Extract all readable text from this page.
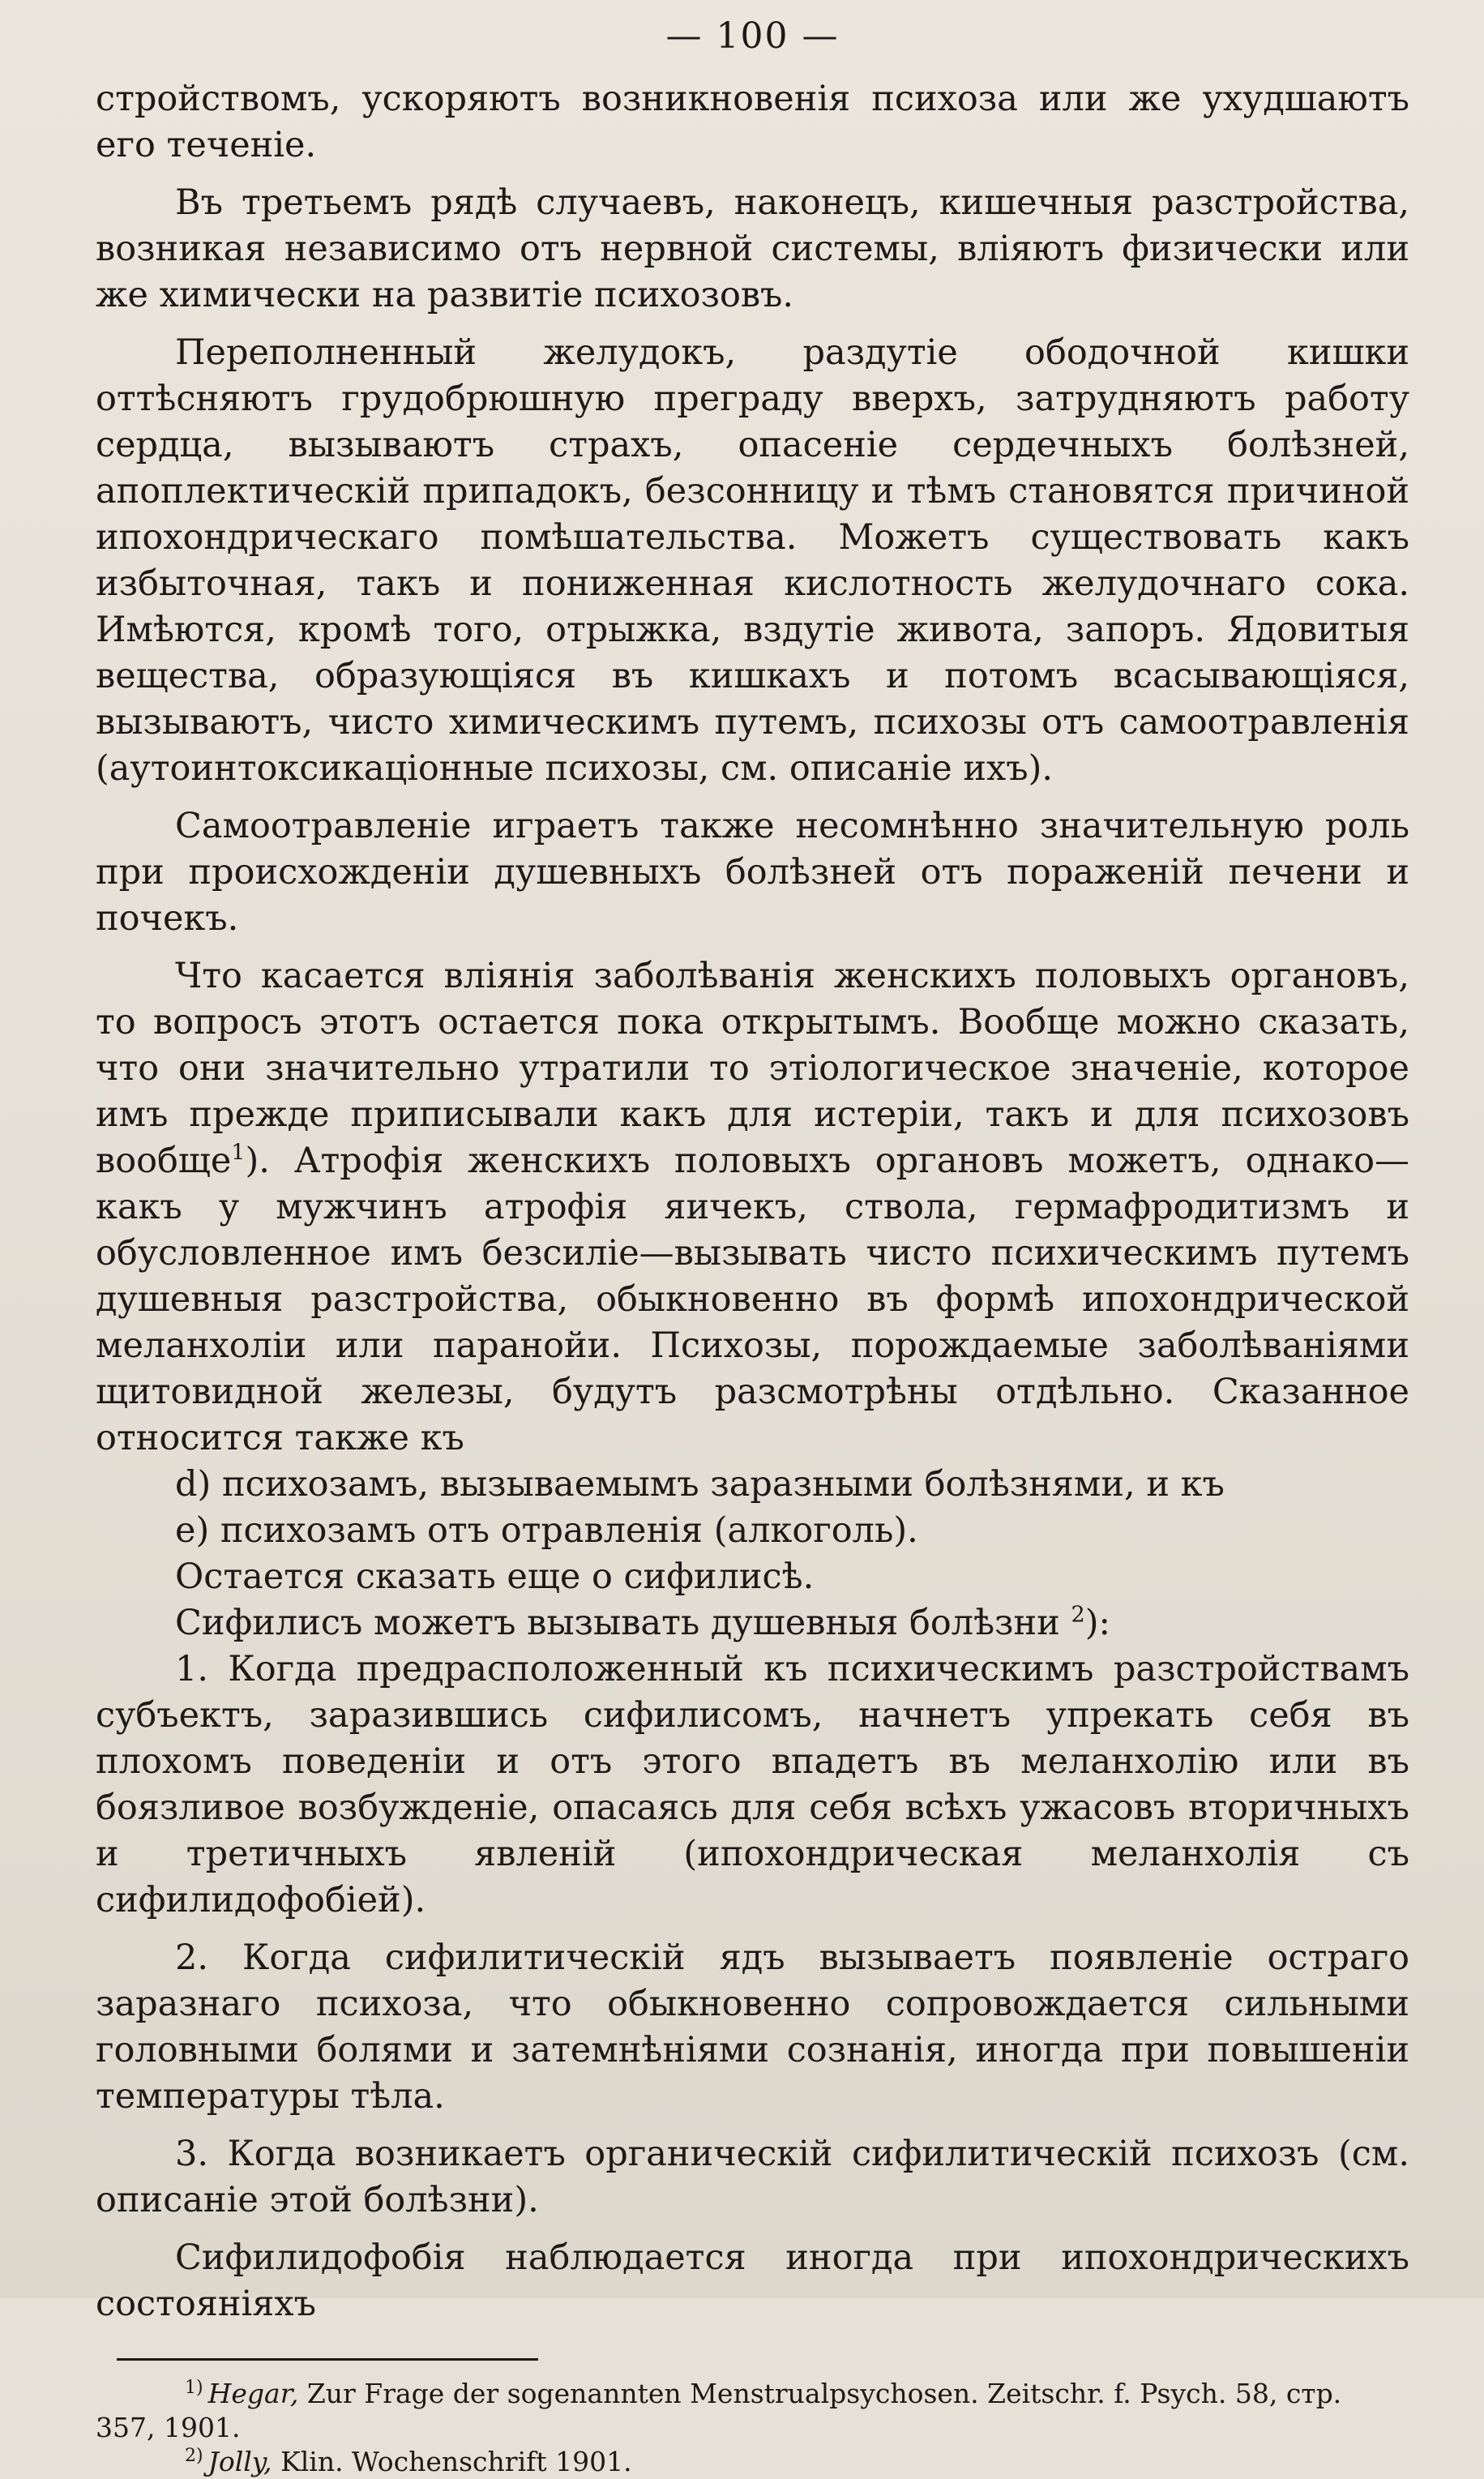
— 100 —

стройствомъ, ускоряютъ возникновенія психоза или же ухудшаютъ его теченіе.

Въ третьемъ рядѣ случаевъ, наконецъ, кишечныя разстройства, возникая независимо отъ нервной системы, вліяютъ физически или же химически на развитіе психозовъ.

Переполненный желудокъ, раздутіе ободочной кишки оттѣсняютъ грудобрюшную преграду вверхъ, затрудняютъ работу сердца, вызываютъ страхъ, опасеніе сердечныхъ болѣзней, апоплектическій припадокъ, безсонницу и тѣмъ становятся причиной ипохондрическаго помѣшательства. Можетъ существовать какъ избыточная, такъ и пониженная кислотность желудочнаго сока. Имѣются, кромѣ того, отрыжка, вздутіе живота, запоръ. Ядовитыя вещества, образующіяся въ кишкахъ и потомъ всасывающіяся, вызываютъ, чисто химическимъ путемъ, психозы отъ самоотравленія (аутоинтоксикаціонные психозы, см. описаніе ихъ).

Самоотравленіе играетъ также несомнѣнно значительную роль при происхожденіи душевныхъ болѣзней отъ пораженій печени и почекъ.

Что касается вліянія заболѣванія женскихъ половыхъ органовъ, то вопросъ этотъ остается пока открытымъ. Вообще можно сказать, что они значительно утратили то этіологическое значеніе, которое имъ прежде приписывали какъ для истеріи, такъ и для психозовъ вообще$^1$). Атрофія женскихъ половыхъ органовъ можетъ, однако—какъ у мужчинъ атрофія яичекъ, ствола, гермафродитизмъ и обусловленное имъ безсиліе—вызывать чисто психическимъ путемъ душевныя разстройства, обыкновенно въ формѣ ипохондрической меланхоліи или паранойи. Психозы, порождаемые заболѣваніями щитовидной железы, будутъ разсмотрѣны отдѣльно. Сказанное относится также къ

d) психозамъ, вызываемымъ заразными болѣзнями, и къ

e) психозамъ отъ отравленія (алкоголь).

Остается сказать еще о сифилисѣ.

Сифилисъ можетъ вызывать душевныя болѣзни $^2$):

1. Когда предрасположенный къ психическимъ разстройствамъ субъектъ, заразившись сифилисомъ, начнетъ упрекать себя въ плохомъ поведеніи и отъ этого впадетъ въ меланхолію или въ боязливое возбужденіе, опасаясь для себя всѣхъ ужасовъ вторичныхъ и третичныхъ явленій (ипохондрическая меланхолія съ сифилидофобіей).

2. Когда сифилитическій ядъ вызываетъ появленіе остраго заразнаго психоза, что обыкновенно сопровождается сильными головными болями и затемнѣніями сознанія, иногда при повышеніи температуры тѣла.

3. Когда возникаетъ органическій сифилитическій психозъ (см. описаніе этой болѣзни).

Сифилидофобія наблюдается иногда при ипохондрическихъ состояніяхъ

$^{1)}$ Hegar, Zur Frage der sogenannten Menstrualpsychosen. Zeitschr. f. Psych. 58, стр. 357, 1901.

$^{2)}$ Jolly, Klin. Wochenschrift 1901.
